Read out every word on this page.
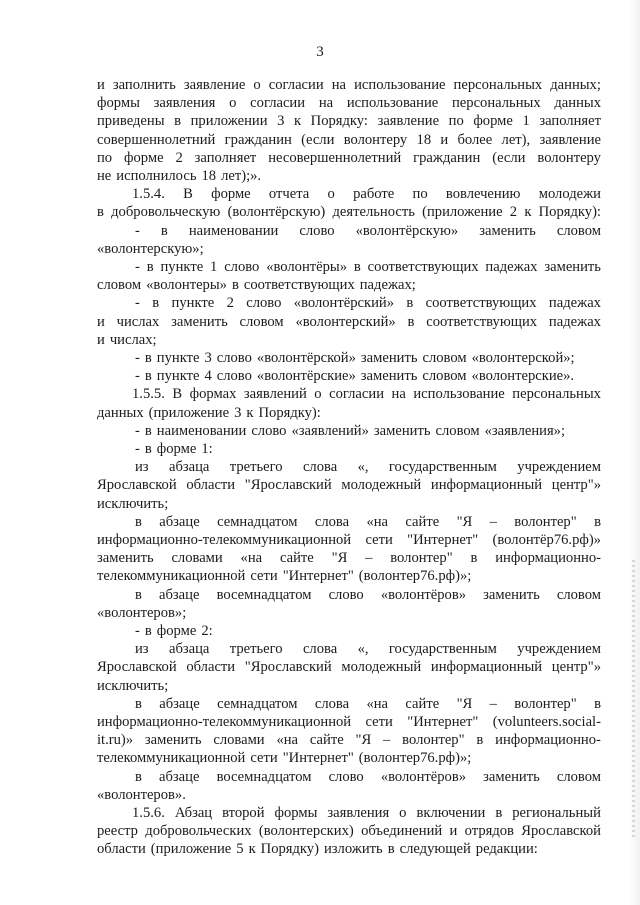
3
и заполнить заявление о согласии на использование персональных данных;
формы заявления о согласии на использование персональных данных
приведены в приложении 3 к Порядку: заявление по форме 1 заполняет
совершеннолетний гражданин (если волонтеру 18 и более лет), заявление
по форме 2 заполняет несовершеннолетний гражданин (если волонтеру
не исполнилось 18 лет);».
1.5.4. В форме отчета о работе по вовлечению молодежи
в добровольческую (волонтёрскую) деятельность (приложение 2 к Порядку):
- в наименовании слово «волонтёрскую» заменить словом
«волонтерскую»;
- в пункте 1 слово «волонтёры» в соответствующих падежах заменить
словом «волонтеры» в соответствующих падежах;
- в пункте 2 слово «волонтёрский» в соответствующих падежах
и числах заменить словом «волонтерский» в соответствующих падежах
и числах;
- в пункте 3 слово «волонтёрской» заменить словом «волонтерской»;
- в пункте 4 слово «волонтёрские» заменить словом «волонтерские».
1.5.5. В формах заявлений о согласии на использование персональных
данных (приложение 3 к Порядку):
- в наименовании слово «заявлений» заменить словом «заявления»;
- в форме 1:
из абзаца третьего слова «, государственным учреждением
Ярославской области "Ярославский молодежный информационный центр"»
исключить;
в абзаце семнадцатом слова «на сайте "Я – волонтер" в
информационно-телекоммуникационной сети "Интернет" (волонтёр76.рф)»
заменить словами «на сайте "Я – волонтер" в информационно-
телекоммуникационной сети "Интернет" (волонтер76.рф)»;
в абзаце восемнадцатом слово «волонтёров» заменить словом
«волонтеров»;
- в форме 2:
из абзаца третьего слова «, государственным учреждением
Ярославской области "Ярославский молодежный информационный центр"»
исключить;
в абзаце семнадцатом слова «на сайте "Я – волонтер" в
информационно-телекоммуникационной сети "Интернет" (volunteers.social-
it.ru)» заменить словами «на сайте "Я – волонтер" в информационно-
телекоммуникационной сети "Интернет" (волонтер76.рф)»;
в абзаце восемнадцатом слово «волонтёров» заменить словом
«волонтеров».
1.5.6. Абзац второй формы заявления о включении в региональный
реестр добровольческих (волонтерских) объединений и отрядов Ярославской
области (приложение 5 к Порядку) изложить в следующей редакции:
